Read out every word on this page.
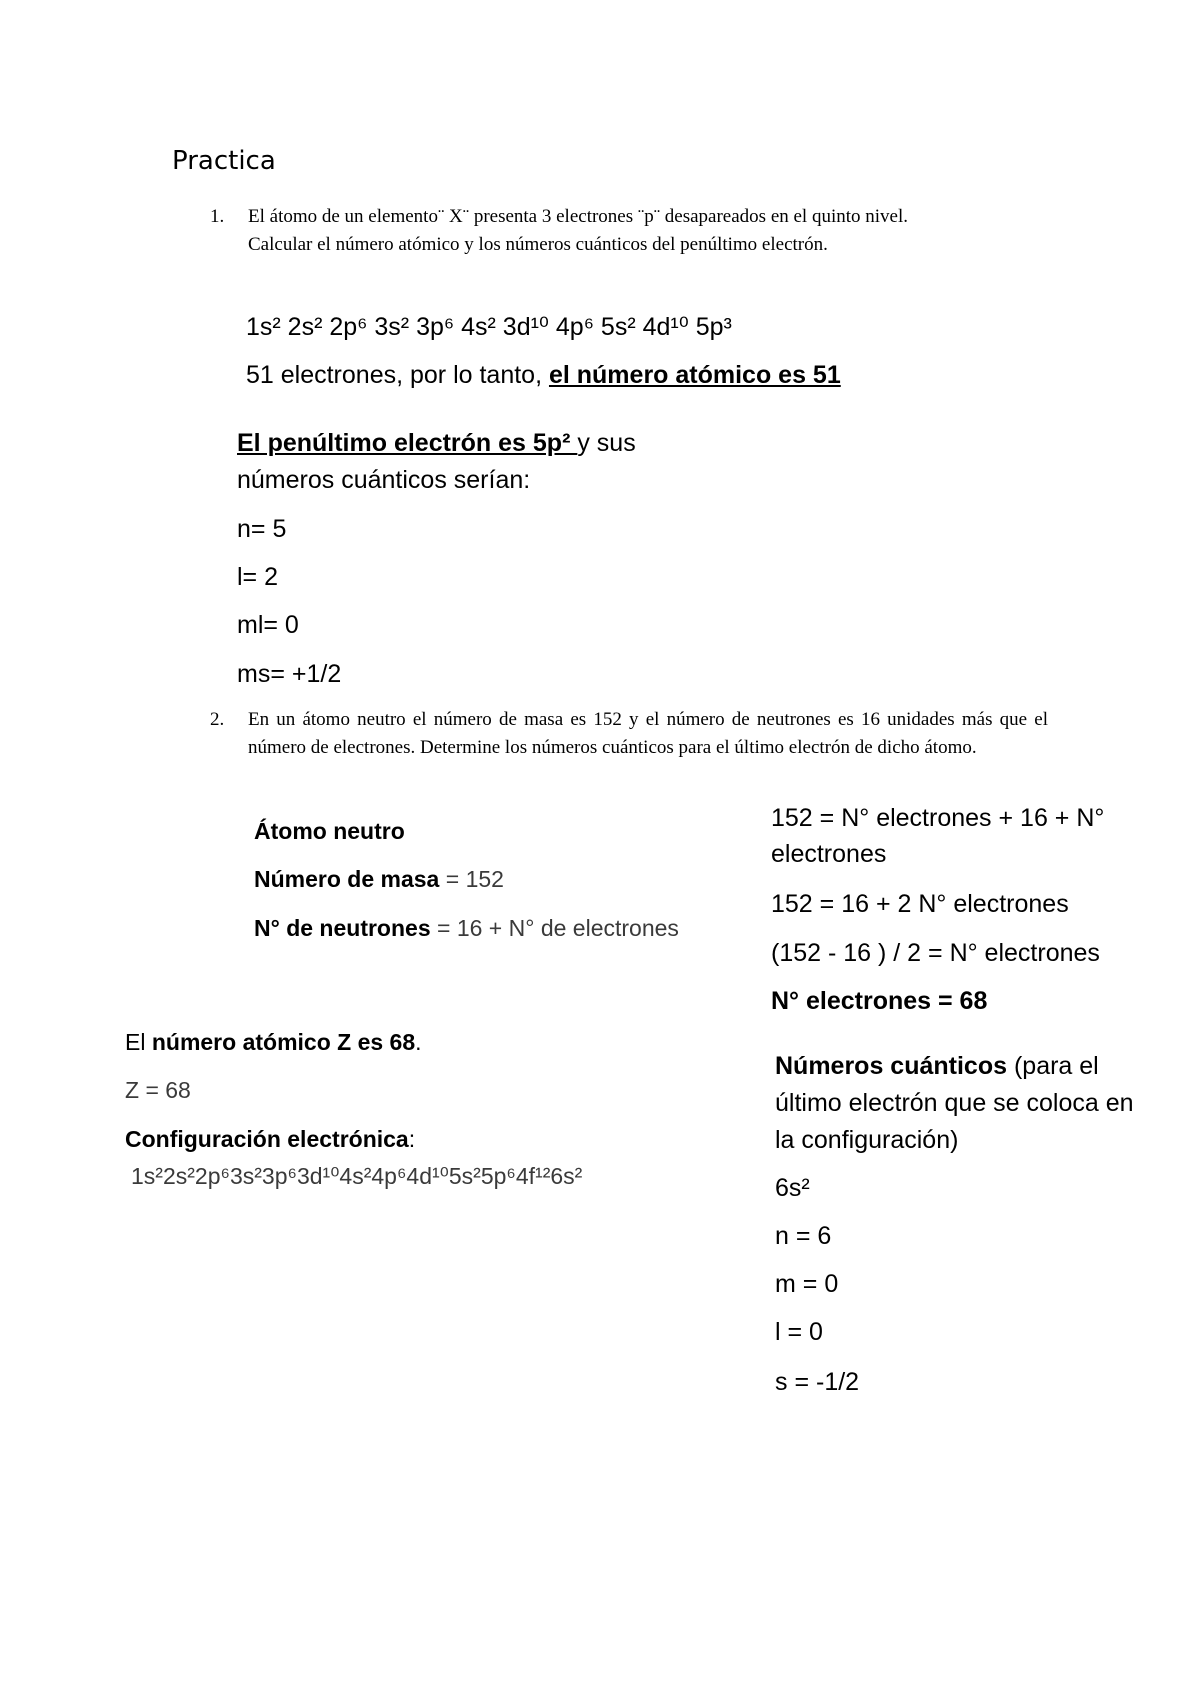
Practica
1. El átomo de un elemento¨ X¨ presenta 3 electrones ¨p¨ desapareados en el quinto nivel.
Calcular el número atómico y los números cuánticos del penúltimo electrón.
1s² 2s² 2p⁶ 3s² 3p⁶ 4s² 3d¹⁰ 4p⁶ 5s² 4d¹⁰ 5p³
51 electrones, por lo tanto, el número atómico es 51
El penúltimo electrón es 5p² y sus
números cuánticos serían:
n= 5
l= 2
ml= 0
ms= +1/2
2. En un átomo neutro el número de masa es 152 y el número de neutrones es 16 unidades más que el número de electrones. Determine los números cuánticos para el último electrón de dicho átomo.
Átomo neutro
Número de masa = 152
N° de neutrones = 16 + N° de electrones
El número atómico Z es 68.
Z = 68
Configuración electrónica:
1s²2s²2p⁶3s²3p⁶3d¹⁰4s²4p⁶4d¹⁰5s²5p⁶4f¹²6s²
152 = N° electrones + 16 + N°
electrones
152 = 16 + 2 N° electrones
(152 - 16 ) / 2 = N° electrones
N° electrones = 68
Números cuánticos (para el
último electrón que se coloca en
la configuración)
6s²
n = 6
m = 0
l = 0
s = -1/2
